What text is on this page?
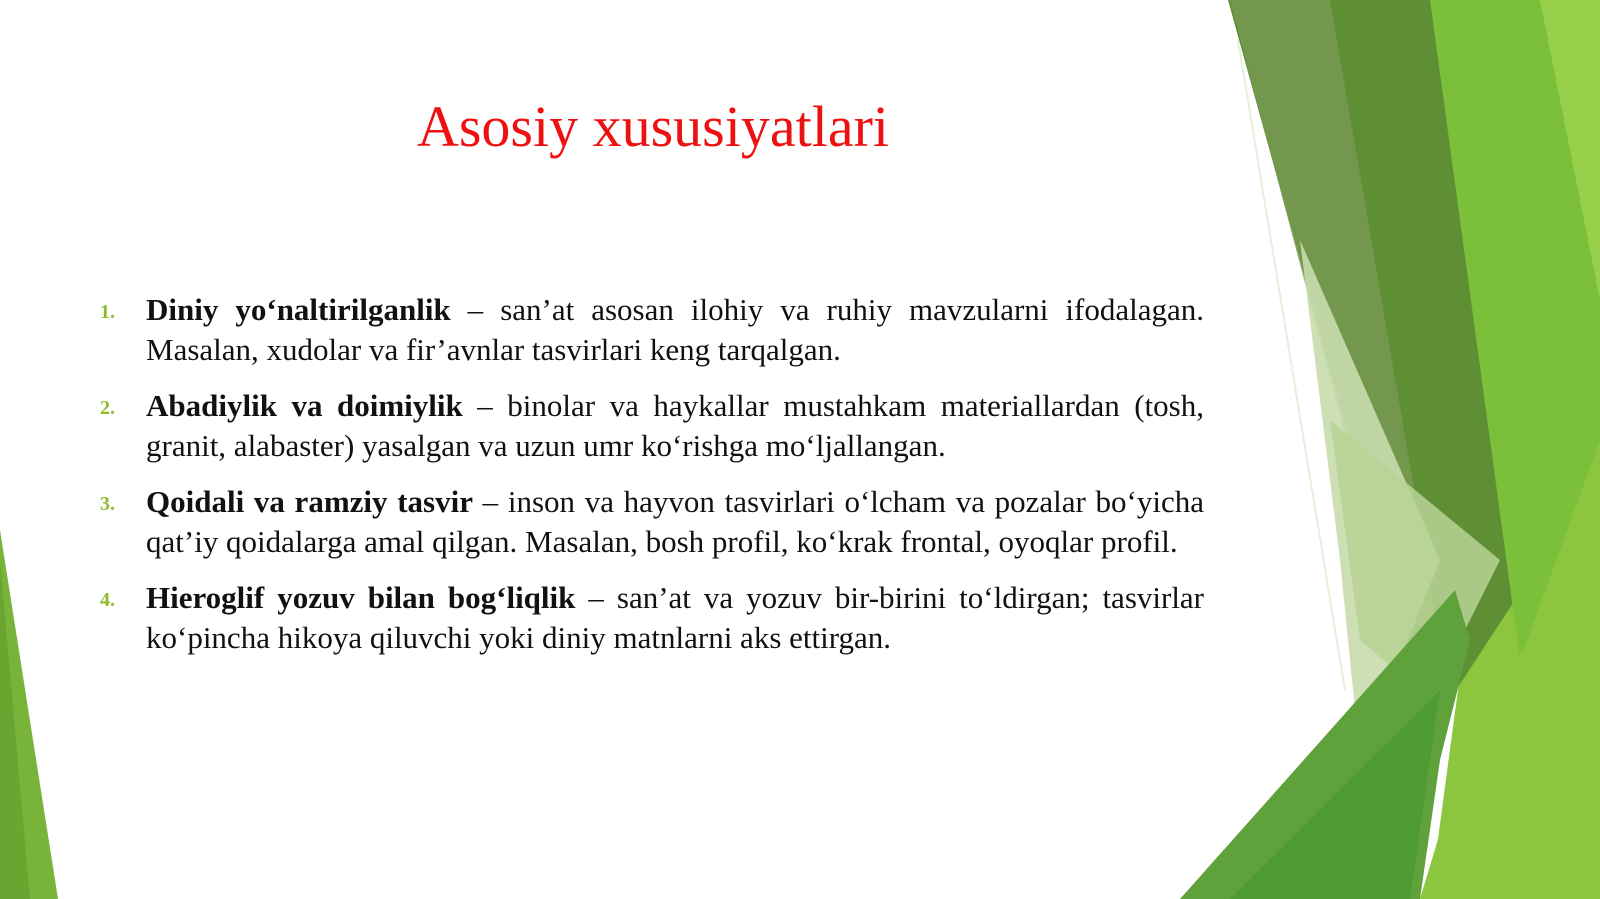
Asosiy xususiyatlari
1. Diniy yo‘naltirilganlik – san’at asosan ilohiy va ruhiy mavzularni ifodalagan. Masalan, xudolar va fir’avnlar tasvirlari keng tarqalgan.
2. Abadiylik va doimiylik – binolar va haykallar mustahkam materiallardan (tosh, granit, alabaster) yasalgan va uzun umr ko‘rishga mo‘ljallangan.
3. Qoidali va ramziy tasvir – inson va hayvon tasvirlari o‘lcham va pozalar bo‘yicha qat’iy qoidalarga amal qilgan. Masalan, bosh profil, ko‘krak frontal, oyoqlar profil.
4. Hieroglif yozuv bilan bog‘liqlik – san’at va yozuv bir-birini to‘ldirgan; tasvirlar ko‘pincha hikoya qiluvchi yoki diniy matnlarni aks ettirgan.
